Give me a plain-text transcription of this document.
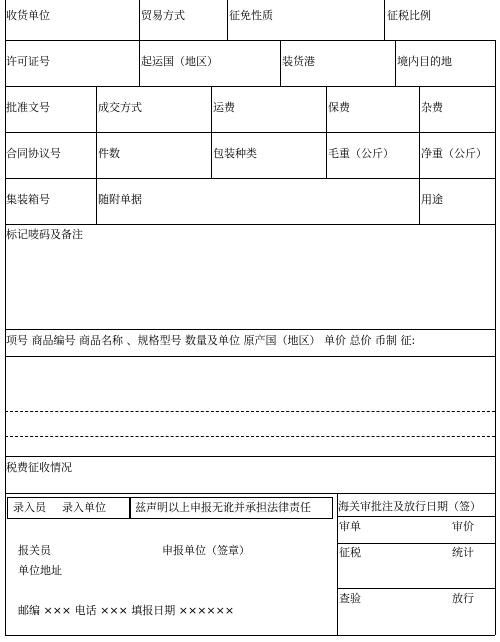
收货单位	贸易方式	征免性质	征税比例
许可证号	起运国（地区）	装货港	境内目的地
批准文号	成交方式	运费	保费	杂费
合同协议号	件数	包装种类	毛重（公斤） 净重（公斤）
集装箱号	随附单据	用途
标记唛码及备注
项号 商品编号 商品名称 、规格型号 数量及单位 原产国（地区） 单价 总价 币制 征:
税费征收情况
录入员 录入单位	兹声明以上申报无讹并承担法律责任
报关员	申报单位（签章）
单位地址
邮编 ××× 电话 ××× 填报日期 ××××××
海关审批注及放行日期（签）
审单	审价
征税	统计
查验	放行
